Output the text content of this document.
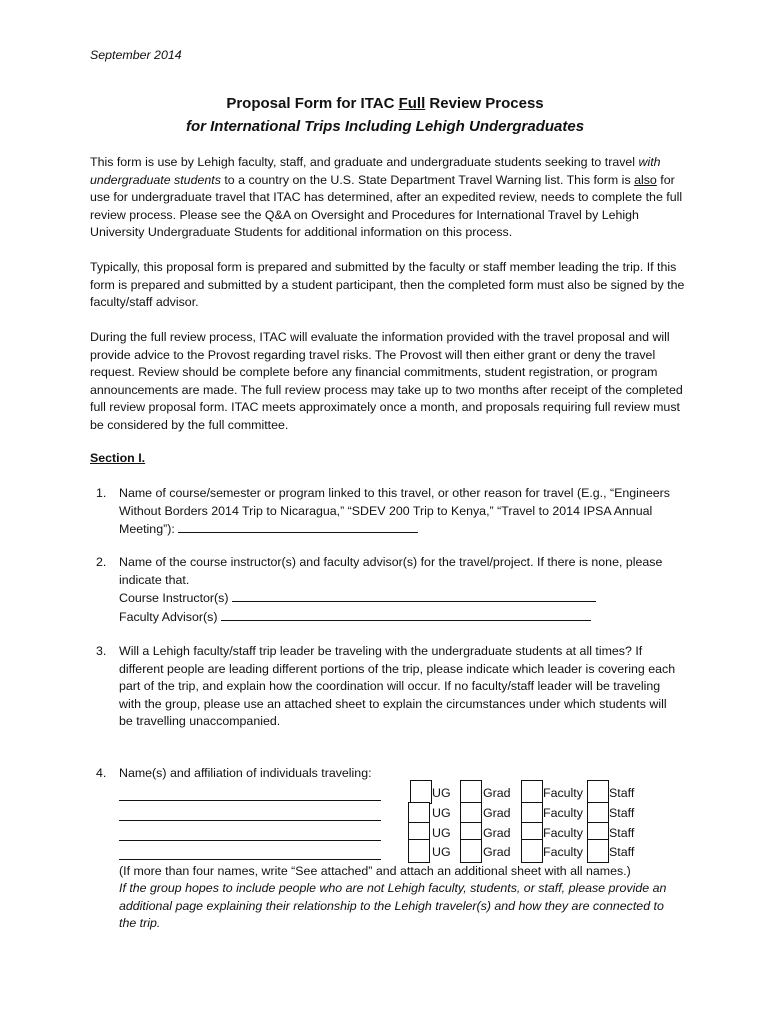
September 2014
Proposal Form for ITAC Full Review Process
for International Trips Including Lehigh Undergraduates
This form is use by Lehigh faculty, staff, and graduate and undergraduate students seeking to travel with undergraduate students to a country on the U.S. State Department Travel Warning list. This form is also for use for undergraduate travel that ITAC has determined, after an expedited review, needs to complete the full review process. Please see the Q&A on Oversight and Procedures for International Travel by Lehigh University Undergraduate Students for additional information on this process.
Typically, this proposal form is prepared and submitted by the faculty or staff member leading the trip. If this form is prepared and submitted by a student participant, then the completed form must also be signed by the faculty/staff advisor.
During the full review process, ITAC will evaluate the information provided with the travel proposal and will provide advice to the Provost regarding travel risks. The Provost will then either grant or deny the travel request. Review should be complete before any financial commitments, student registration, or program announcements are made. The full review process may take up to two months after receipt of the completed full review proposal form. ITAC meets approximately once a month, and proposals requiring full review must be considered by the full committee.
Section I.
1. Name of course/semester or program linked to this travel, or other reason for travel (E.g., “Engineers Without Borders 2014 Trip to Nicaragua,” “SDEV 200 Trip to Kenya,” “Travel to 2014 IPSA Annual Meeting”):
2. Name of the course instructor(s) and faculty advisor(s) for the travel/project. If there is none, please indicate that.
Course Instructor(s)
Faculty Advisor(s)
3. Will a Lehigh faculty/staff trip leader be traveling with the undergraduate students at all times? If different people are leading different portions of the trip, please indicate which leader is covering each part of the trip, and explain how the coordination will occur. If no faculty/staff leader will be traveling with the group, please use an attached sheet to explain the circumstances under which students will be travelling unaccompanied.
4. Name(s) and affiliation of individuals traveling:
UG	Grad	Faculty Staff
UG	Grad	Faculty Staff
UG	Grad	Faculty Staff
UG	Grad	Faculty Staff
(If more than four names, write “See attached” and attach an additional sheet with all names.)
If the group hopes to include people who are not Lehigh faculty, students, or staff, please provide an additional page explaining their relationship to the Lehigh traveler(s) and how they are connected to the trip.
